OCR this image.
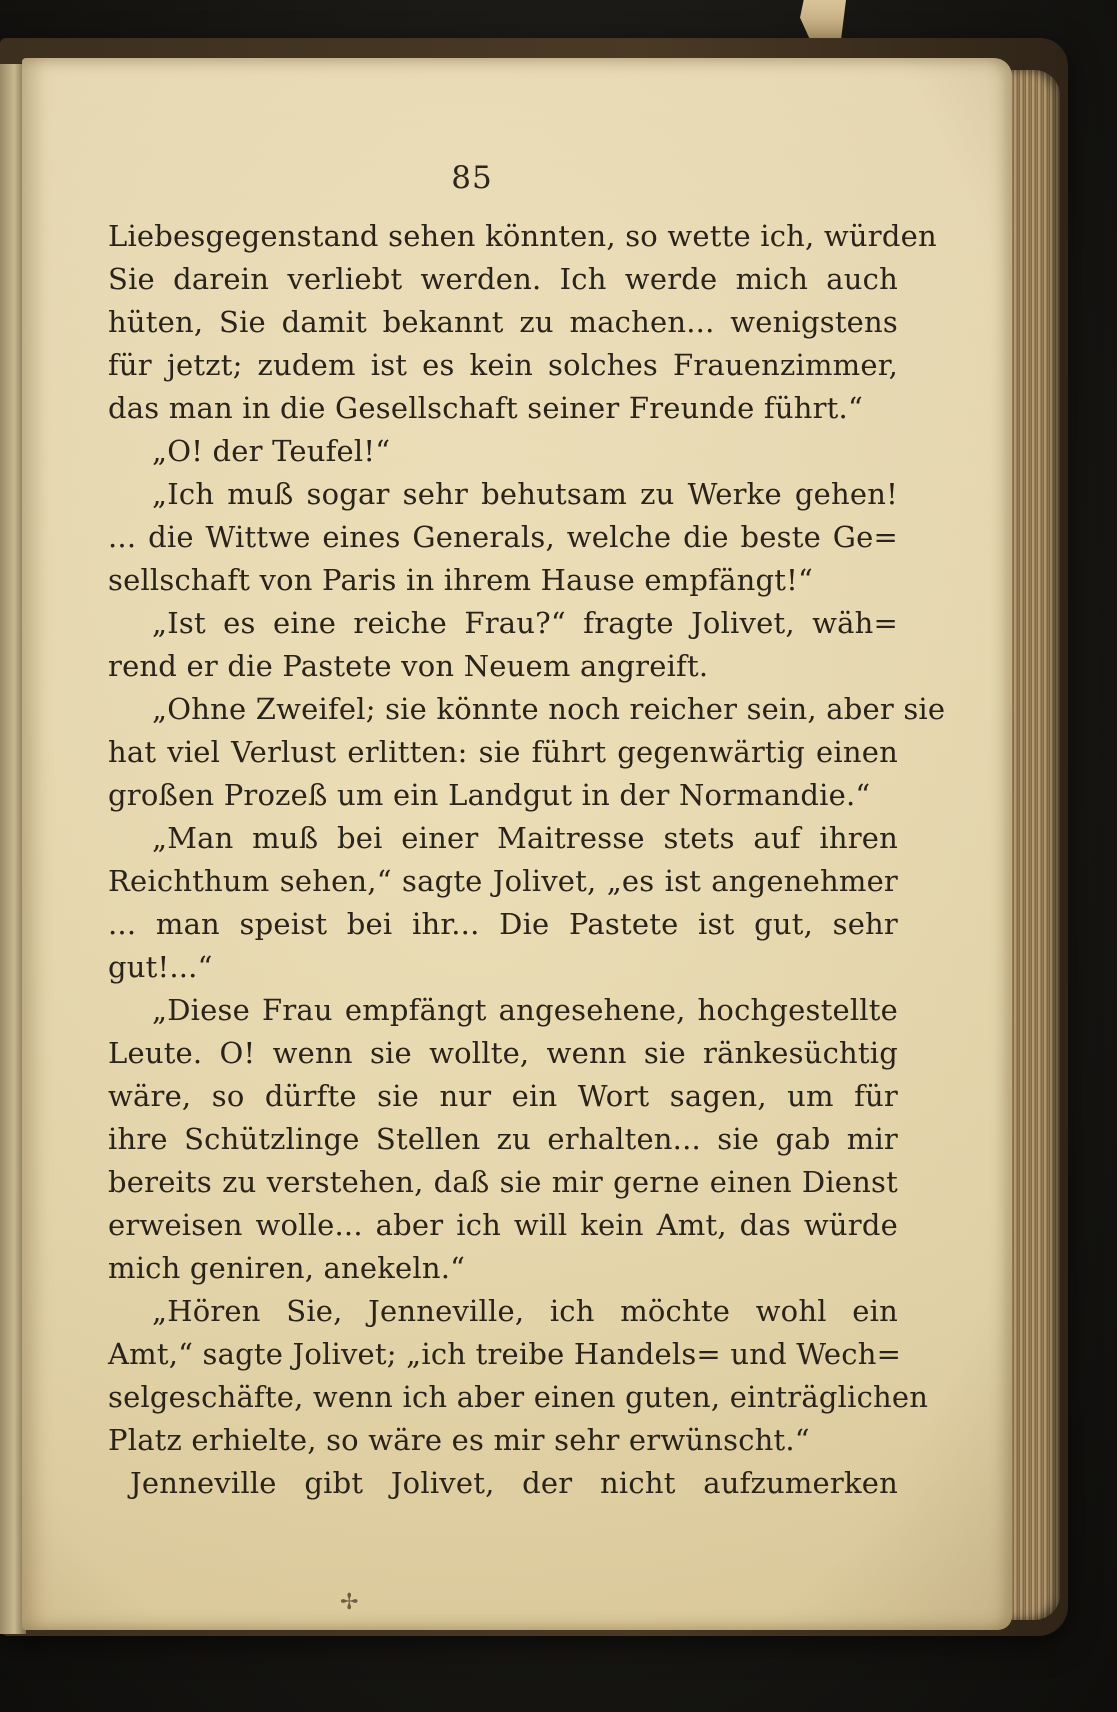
85
Liebesgegenstand sehen könnten, so wette ich, würden
Sie darein verliebt werden. Ich werde mich auch
hüten, Sie damit bekannt zu machen... wenigstens
für jetzt; zudem ist es kein solches Frauenzimmer,
das man in die Gesellschaft seiner Freunde führt.“
„O! der Teufel!“
„Ich muß sogar sehr behutsam zu Werke gehen!
... die Wittwe eines Generals, welche die beste Ge=
sellschaft von Paris in ihrem Hause empfängt!“
„Ist es eine reiche Frau?“ fragte Jolivet, wäh=
rend er die Pastete von Neuem angreift.
„Ohne Zweifel; sie könnte noch reicher sein, aber sie
hat viel Verlust erlitten: sie führt gegenwärtig einen
großen Prozeß um ein Landgut in der Normandie.“
„Man muß bei einer Maitresse stets auf ihren
Reichthum sehen,“ sagte Jolivet, „es ist angenehmer
... man speist bei ihr... Die Pastete ist gut, sehr
gut!...“
„Diese Frau empfängt angesehene, hochgestellte
Leute. O! wenn sie wollte, wenn sie ränkesüchtig
wäre, so dürfte sie nur ein Wort sagen, um für
ihre Schützlinge Stellen zu erhalten... sie gab mir
bereits zu verstehen, daß sie mir gerne einen Dienst
erweisen wolle... aber ich will kein Amt, das würde
mich geniren, anekeln.“
„Hören Sie, Jenneville, ich möchte wohl ein
Amt,“ sagte Jolivet; „ich treibe Handels= und Wech=
selgeschäfte, wenn ich aber einen guten, einträglichen
Platz erhielte, so wäre es mir sehr erwünscht.“
Jenneville gibt Jolivet, der nicht aufzumerken
✢
